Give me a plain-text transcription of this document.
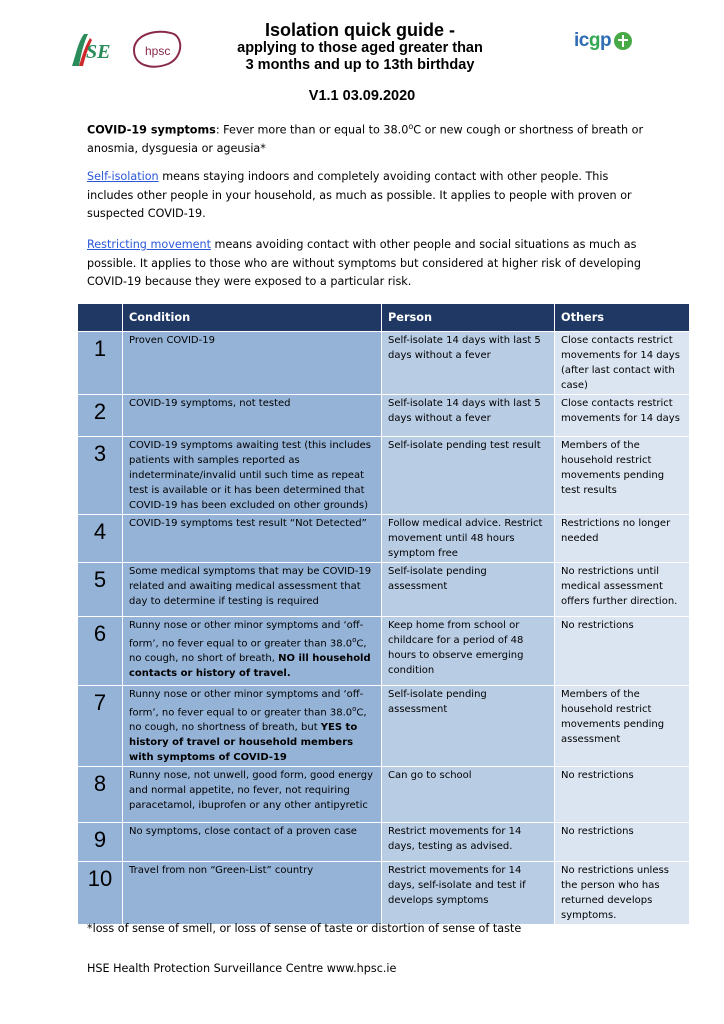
SE	hpsc	icgp
Isolation quick guide -
applying to those aged greater than
3 months and up to 13th birthday
V1.1 03.09.2020
COVID-19 symptoms: Fever more than or equal to 38.0$^o$C or new cough or shortness of breath or anosmia, dysguesia or ageusia*
Self-isolation means staying indoors and completely avoiding contact with other people. This includes other people in your household, as much as possible. It applies to people with proven or suspected COVID-19.
Restricting movement means avoiding contact with other people and social situations as much as possible. It applies to those who are without symptoms but considered at higher risk of developing COVID-19 because they were exposed to a particular risk.
	Condition	Person	Others
1	Proven COVID-19	Self-isolate 14 days with last 5 days without a fever	Close contacts restrict movements for 14 days (after last contact with case)
2	COVID-19 symptoms, not tested	Self-isolate 14 days with last 5 days without a fever	Close contacts restrict movements for 14 days
3	COVID-19 symptoms awaiting test (this includes patients with samples reported as indeterminate/invalid until such time as repeat test is available or it has been determined that COVID-19 has been excluded on other grounds)	Self-isolate pending test result	Members of the household restrict movements pending test results
4	COVID-19 symptoms test result “Not Detected”	Follow medical advice. Restrict movement until 48 hours symptom free	Restrictions no longer needed
5	Some medical symptoms that may be COVID-19 related and awaiting medical assessment that day to determine if testing is required	Self-isolate pending assessment	No restrictions until medical assessment offers further direction.
6	Runny nose or other minor symptoms and ‘off-form’, no fever equal to or greater than 38.0$^o$C, no cough, no short of breath, NO ill household contacts or history of travel.	Keep home from school or childcare for a period of 48 hours to observe emerging condition	No restrictions
7	Runny nose or other minor symptoms and ‘off-form’, no fever equal to or greater than 38.0$^o$C, no cough, no shortness of breath, but YES to history of travel or household members with symptoms of COVID-19	Self-isolate pending assessment	Members of the household restrict movements pending assessment
8	Runny nose, not unwell, good form, good energy and normal appetite, no fever, not requiring paracetamol, ibuprofen or any other antipyretic	Can go to school	No restrictions
9	No symptoms, close contact of a proven case	Restrict movements for 14 days, testing as advised.	No restrictions
10	Travel from non “Green-List” country	Restrict movements for 14 days, self-isolate and test if develops symptoms	No restrictions unless the person who has returned develops symptoms.
*loss of sense of smell, or loss of sense of taste or distortion of sense of taste
HSE Health Protection Surveillance Centre www.hpsc.ie
